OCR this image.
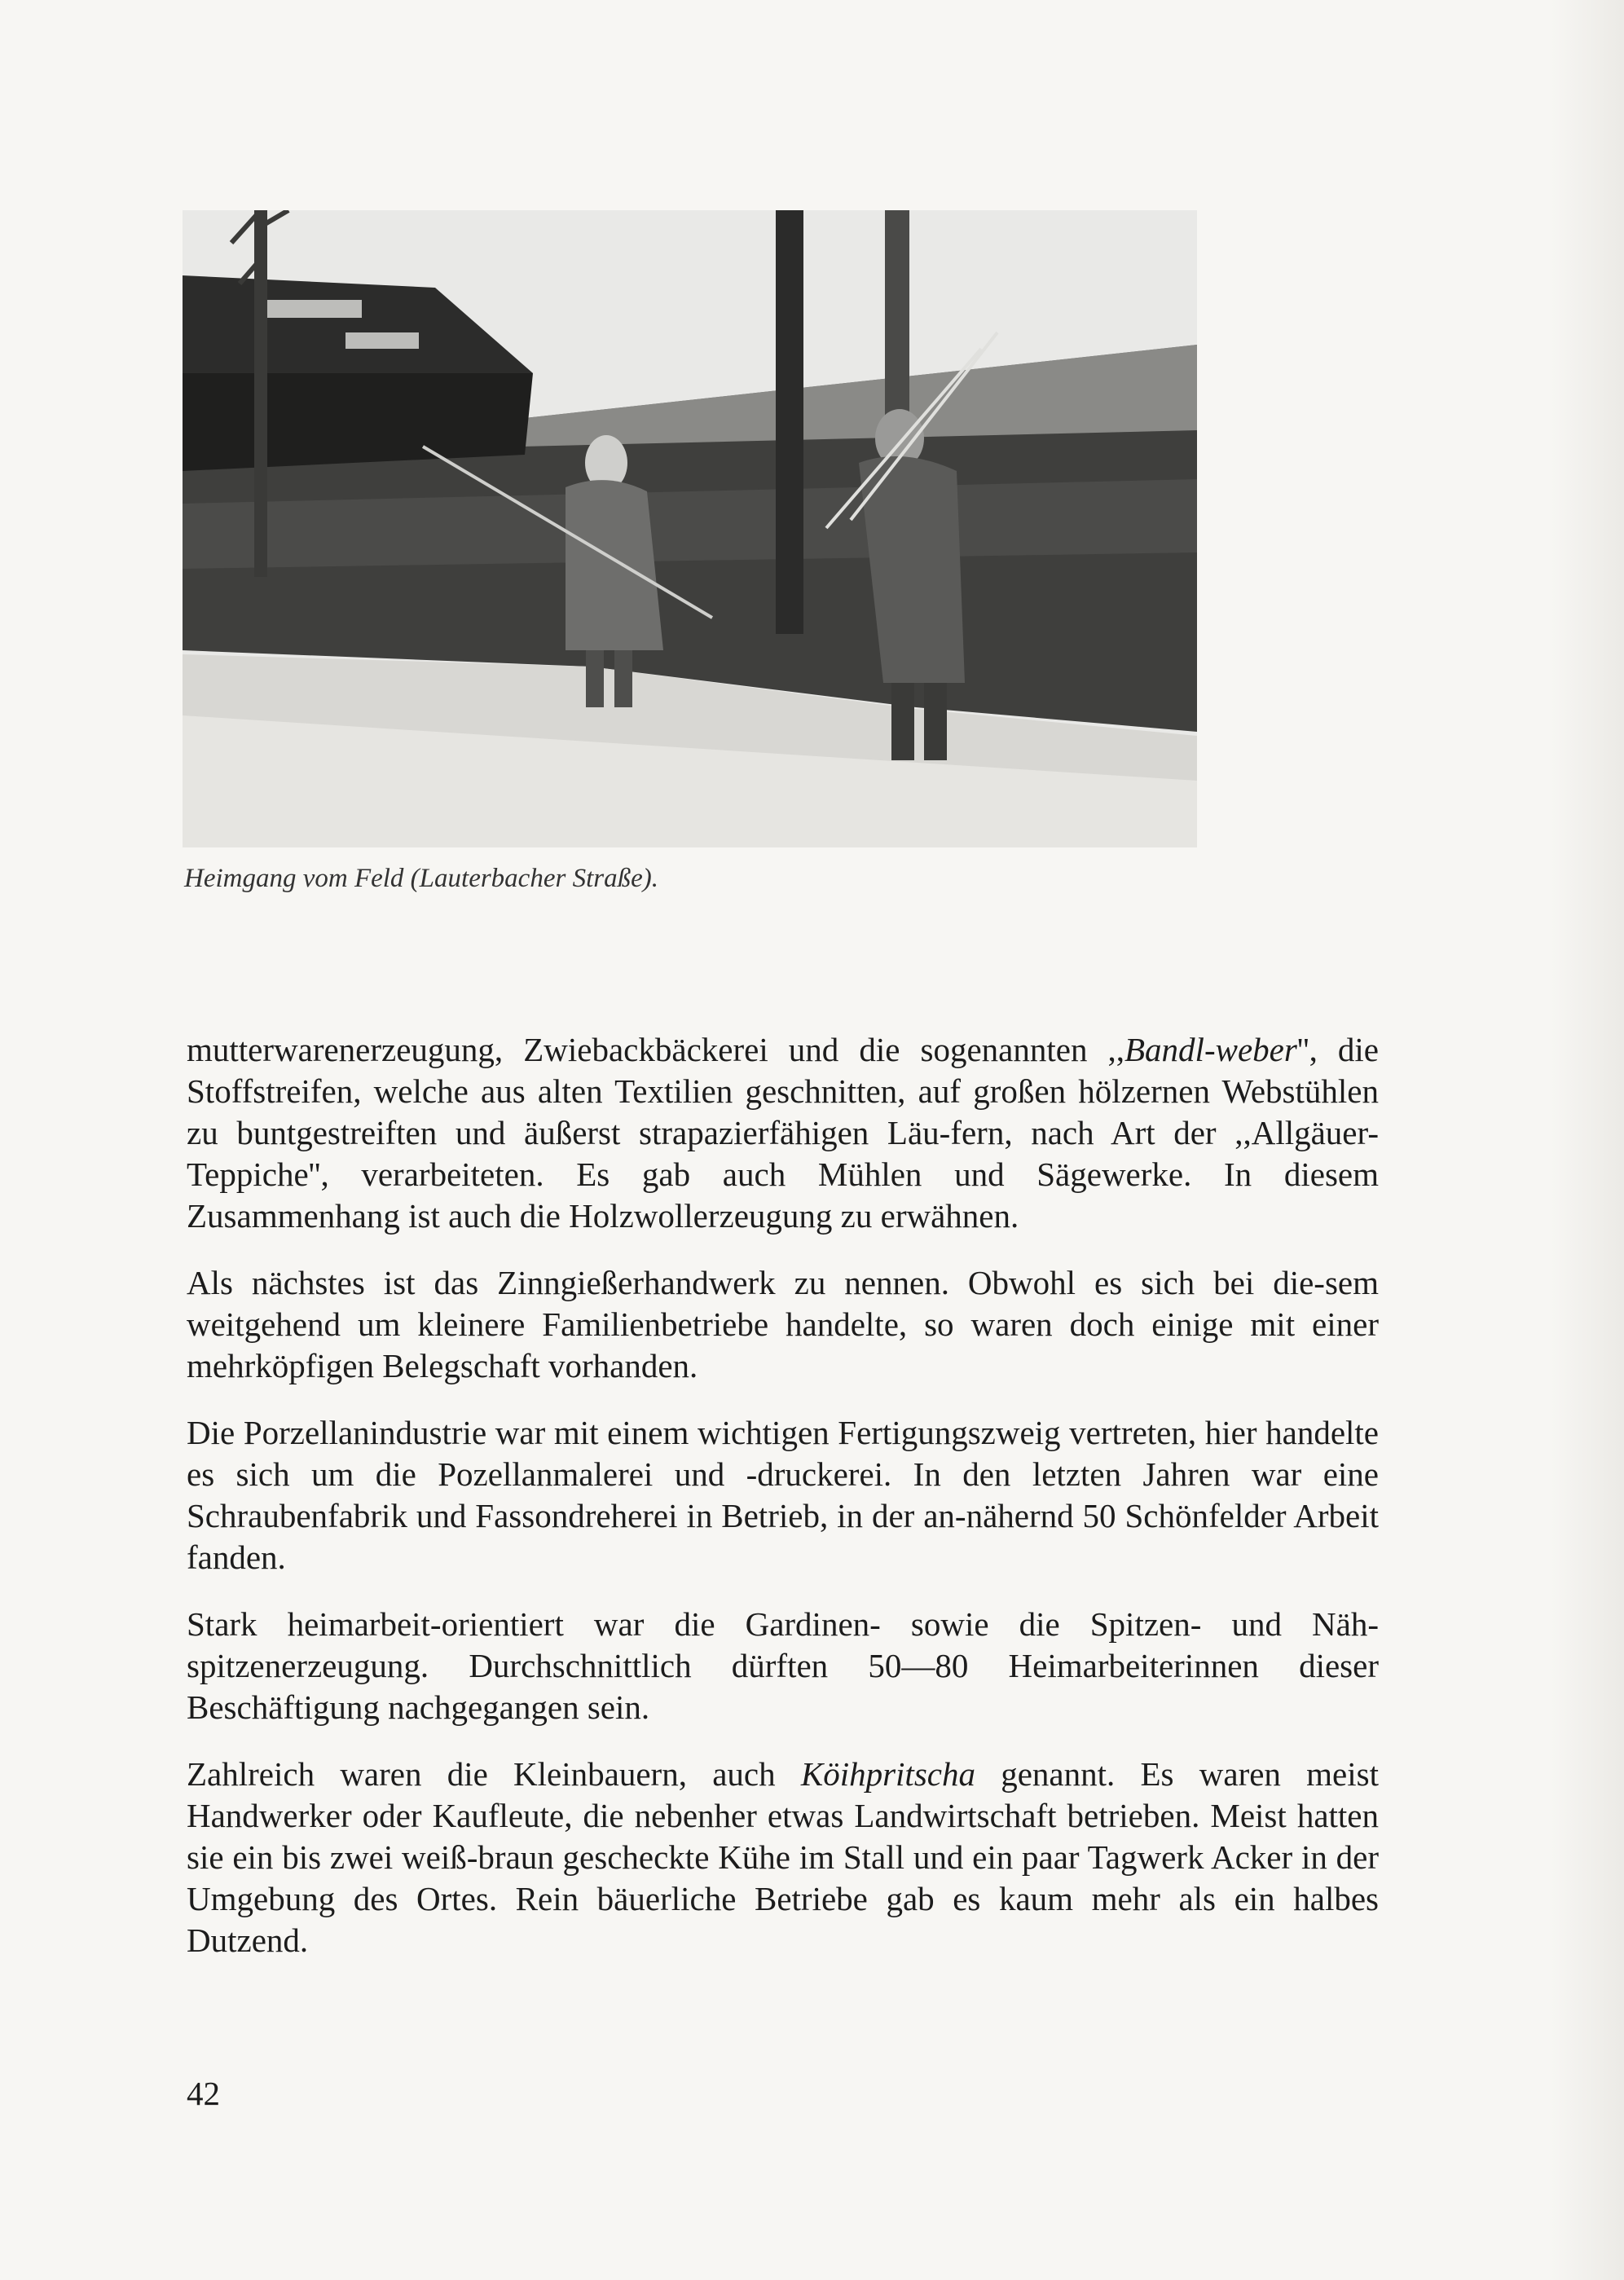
Heimgang vom Feld (Lauterbacher Straße).

mutterwarenerzeugung, Zwiebackbäckerei und die sogenannten ,,Bandl-weber'', die Stoffstreifen, welche aus alten Textilien geschnitten, auf großen hölzernen Webstühlen zu buntgestreiften und äußerst strapazierfähigen Läu-fern, nach Art der ,,Allgäuer-Teppiche'', verarbeiteten. Es gab auch Mühlen und Sägewerke. In diesem Zusammenhang ist auch die Holzwollerzeugung zu erwähnen.

Als nächstes ist das Zinngießerhandwerk zu nennen. Obwohl es sich bei die-sem weitgehend um kleinere Familienbetriebe handelte, so waren doch einige mit einer mehrköpfigen Belegschaft vorhanden.

Die Porzellanindustrie war mit einem wichtigen Fertigungszweig vertreten, hier handelte es sich um die Pozellanmalerei und -druckerei. In den letzten Jahren war eine Schraubenfabrik und Fassondreherei in Betrieb, in der an-nähernd 50 Schönfelder Arbeit fanden.

Stark heimarbeit-orientiert war die Gardinen- sowie die Spitzen- und Näh-spitzenerzeugung. Durchschnittlich dürften 50—80 Heimarbeiterinnen dieser Beschäftigung nachgegangen sein.

Zahlreich waren die Kleinbauern, auch Köihpritscha genannt. Es waren meist Handwerker oder Kaufleute, die nebenher etwas Landwirtschaft betrieben. Meist hatten sie ein bis zwei weiß-braun gescheckte Kühe im Stall und ein paar Tagwerk Acker in der Umgebung des Ortes. Rein bäuerliche Betriebe gab es kaum mehr als ein halbes Dutzend.

42
